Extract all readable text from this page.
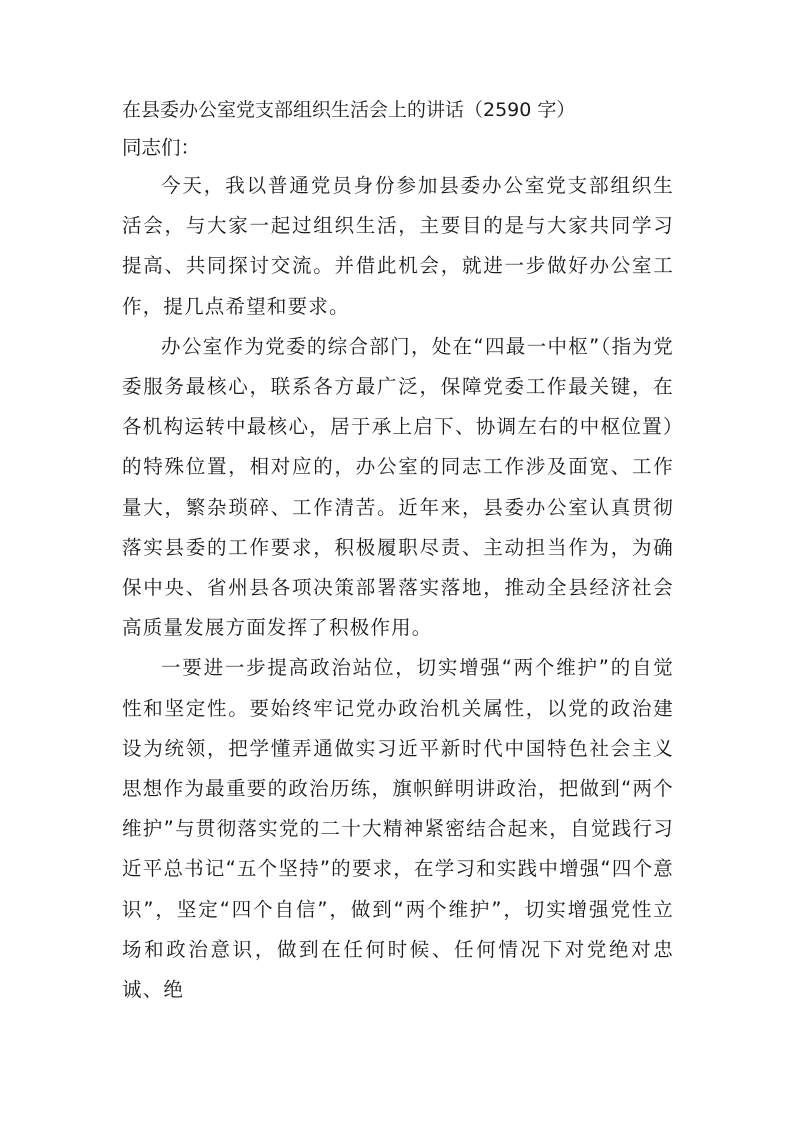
在县委办公室党支部组织生活会上的讲话（2590 字）

同志们：

今天，我以普通党员身份参加县委办公室党支部组织生活会，与大家一起过组织生活，主要目的是与大家共同学习提高、共同探讨交流。并借此机会，就进一步做好办公室工作，提几点希望和要求。

办公室作为党委的综合部门，处在“四最一中枢”（指为党委服务最核心，联系各方最广泛，保障党委工作最关键，在各机构运转中最核心，居于承上启下、协调左右的中枢位置）的特殊位置，相对应的，办公室的同志工作涉及面宽、工作量大，繁杂琐碎、工作清苦。近年来，县委办公室认真贯彻落实县委的工作要求，积极履职尽责、主动担当作为，为确保中央、省州县各项决策部署落实落地，推动全县经济社会高质量发展方面发挥了积极作用。

一要进一步提高政治站位，切实增强“两个维护”的自觉性和坚定性。要始终牢记党办政治机关属性，以党的政治建设为统领，把学懂弄通做实习近平新时代中国特色社会主义思想作为最重要的政治历练，旗帜鲜明讲政治，把做到“两个维护”与贯彻落实党的二十大精神紧密结合起来，自觉践行习近平总书记“五个坚持”的要求，在学习和实践中增强“四个意识”，坚定“四个自信”，做到“两个维护”，切实增强党性立场和政治意识，做到在任何时候、任何情况下对党绝对忠诚、绝
